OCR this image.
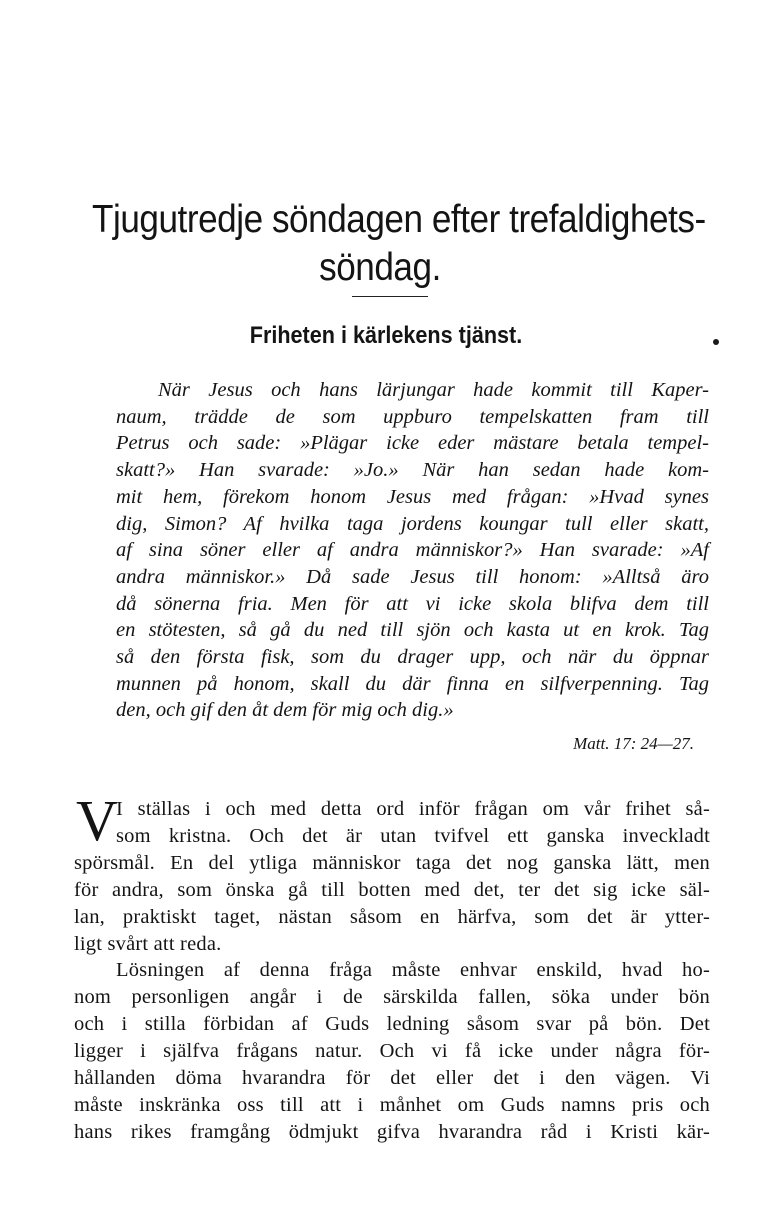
Tjugutredje söndagen efter trefaldighets-
söndag.
Friheten i kärlekens tjänst.
När Jesus och hans lärjungar hade kommit till Kaper-
naum, trädde de som uppburo tempelskatten fram till
Petrus och sade: »Plägar icke eder mästare betala tempel-
skatt?» Han svarade: »Jo.» När han sedan hade kom-
mit hem, förekom honom Jesus med frågan: »Hvad synes
dig, Simon? Af hvilka taga jordens koungar tull eller skatt,
af sina söner eller af andra människor?» Han svarade: »Af
andra människor.» Då sade Jesus till honom: »Alltså äro
då sönerna fria. Men för att vi icke skola blifva dem till
en stötesten, så gå du ned till sjön och kasta ut en krok. Tag
så den första fisk, som du drager upp, och när du öppnar
munnen på honom, skall du där finna en silfverpenning. Tag
den, och gif den åt dem för mig och dig.»
Matt. 17: 24—27.
V
I ställas i och med detta ord inför frågan om vår frihet så-
som kristna. Och det är utan tvifvel ett ganska inveckladt
spörsmål. En del ytliga människor taga det nog ganska lätt, men
för andra, som önska gå till botten med det, ter det sig icke säl-
lan, praktiskt taget, nästan såsom en härfva, som det är ytter-
ligt svårt att reda.
Lösningen af denna fråga måste enhvar enskild, hvad ho-
nom personligen angår i de särskilda fallen, söka under bön
och i stilla förbidan af Guds ledning såsom svar på bön. Det
ligger i själfva frågans natur. Och vi få icke under några för-
hållanden döma hvarandra för det eller det i den vägen. Vi
måste inskränka oss till att i månhet om Guds namns pris och
hans rikes framgång ödmjukt gifva hvarandra råd i Kristi kär-
